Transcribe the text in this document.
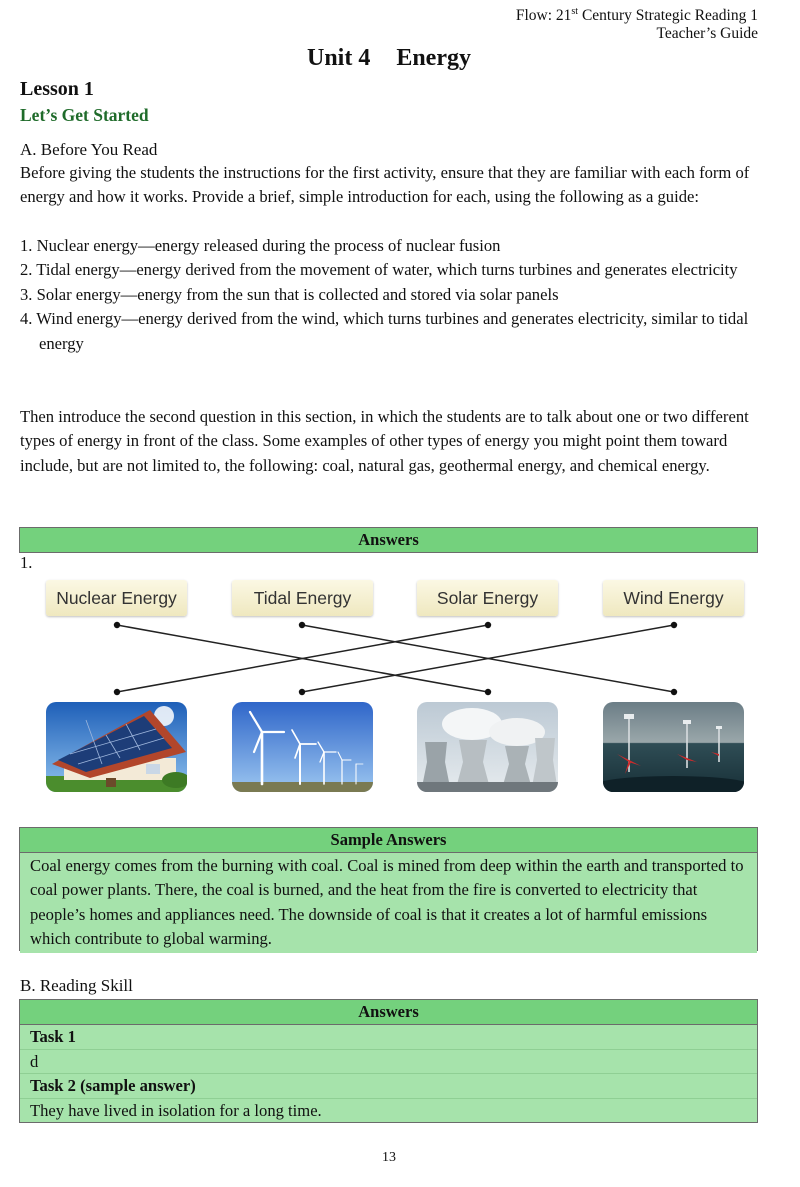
Flow: 21st Century Strategic Reading 1
Teacher’s Guide
Unit 4 Energy
Lesson 1
Let’s Get Started
A. Before You Read
Before giving the students the instructions for the first activity, ensure that they are familiar with each form of energy and how it works. Provide a brief, simple introduction for each, using the following as a guide:
1. Nuclear energy—energy released during the process of nuclear fusion
2. Tidal energy—energy derived from the movement of water, which turns turbines and generates electricity
3. Solar energy—energy from the sun that is collected and stored via solar panels
4. Wind energy—energy derived from the wind, which turns turbines and generates electricity, similar to tidal energy
Then introduce the second question in this section, in which the students are to talk about one or two different types of energy in front of the class. Some examples of other types of energy you might point them toward include, but are not limited to, the following: coal, natural gas, geothermal energy, and chemical energy.
Answers
1.
Nuclear Energy	Tidal Energy	Solar Energy	Wind Energy
Sample Answers
Coal energy comes from the burning with coal. Coal is mined from deep within the earth and transported to coal power plants. There, the coal is burned, and the heat from the fire is converted to electricity that people’s homes and appliances need. The downside of coal is that it creates a lot of harmful emissions which contribute to global warming.
B. Reading Skill
Answers
Task 1
d
Task 2 (sample answer)
They have lived in isolation for a long time.
13
